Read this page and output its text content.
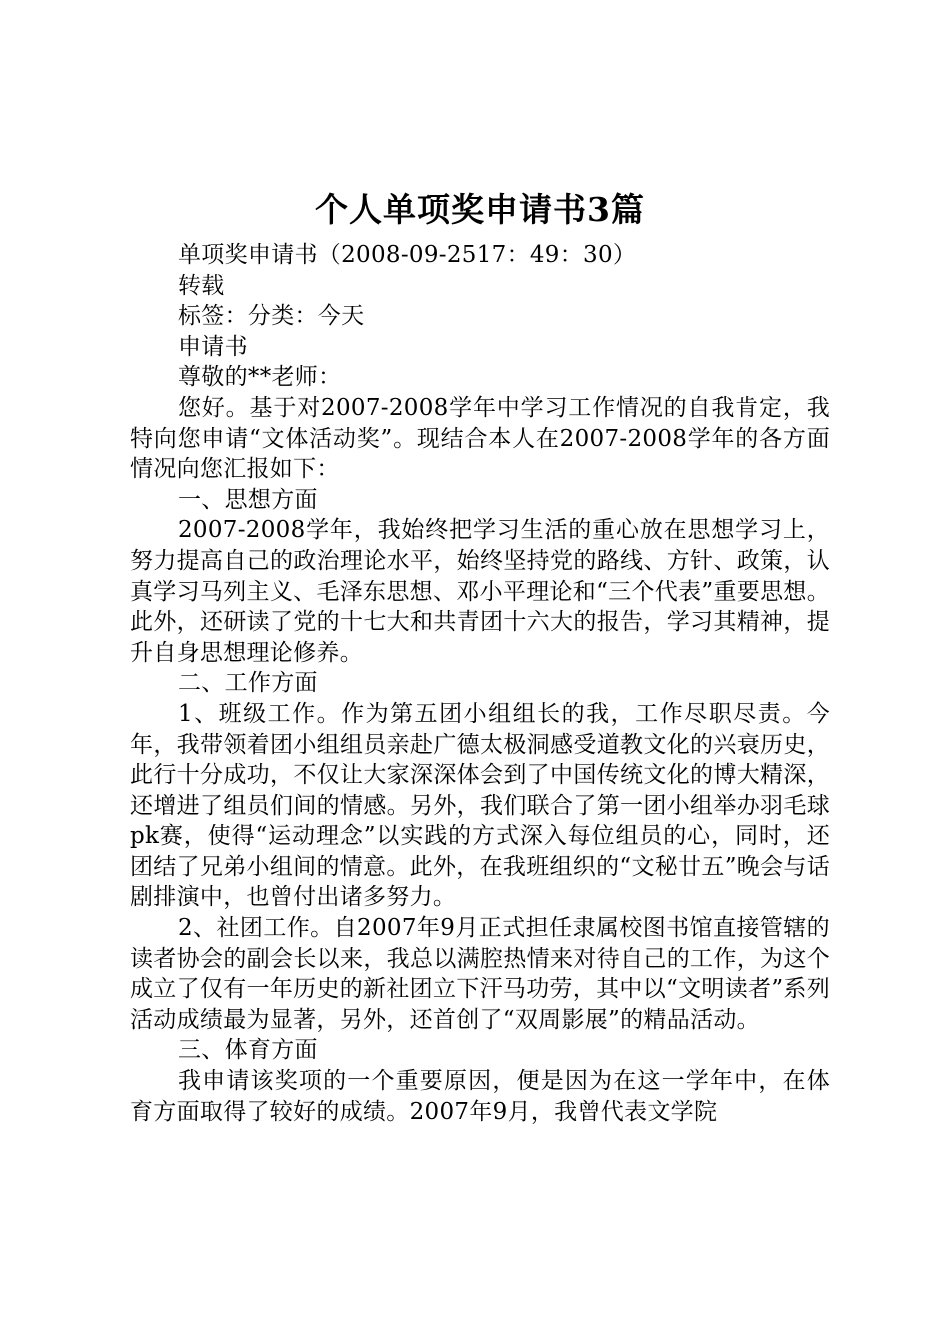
个人单项奖申请书3篇

单项奖申请书（2008-09-2517：49：30）

转载

标签：分类：今天

申请书

尊敬的**老师：

您好。基于对2007-2008学年中学习工作情况的自我肯定，我特向您申请“文体活动奖”。现结合本人在2007-2008学年的各方面情况向您汇报如下：

一、思想方面

2007-2008学年，我始终把学习生活的重心放在思想学习上，努力提高自己的政治理论水平，始终坚持党的路线、方针、政策，认真学习马列主义、毛泽东思想、邓小平理论和“三个代表”重要思想。此外，还研读了党的十七大和共青团十六大的报告，学习其精神，提升自身思想理论修养。

二、工作方面

1、班级工作。作为第五团小组组长的我，工作尽职尽责。今年，我带领着团小组组员亲赴广德太极洞感受道教文化的兴衰历史，此行十分成功，不仅让大家深深体会到了中国传统文化的博大精深，还增进了组员们间的情感。另外，我们联合了第一团小组举办羽毛球pk赛，使得“运动理念”以实践的方式深入每位组员的心，同时，还团结了兄弟小组间的情意。此外，在我班组织的“文秘廿五”晚会与话剧排演中，也曾付出诸多努力。

2、社团工作。自2007年9月正式担任隶属校图书馆直接管辖的读者协会的副会长以来，我总以满腔热情来对待自己的工作，为这个成立了仅有一年历史的新社团立下汗马功劳，其中以“文明读者”系列活动成绩最为显著，另外，还首创了“双周影展”的精品活动。

三、体育方面

我申请该奖项的一个重要原因，便是因为在这一学年中，在体育方面取得了较好的成绩。2007年9月，我曾代表文学院
